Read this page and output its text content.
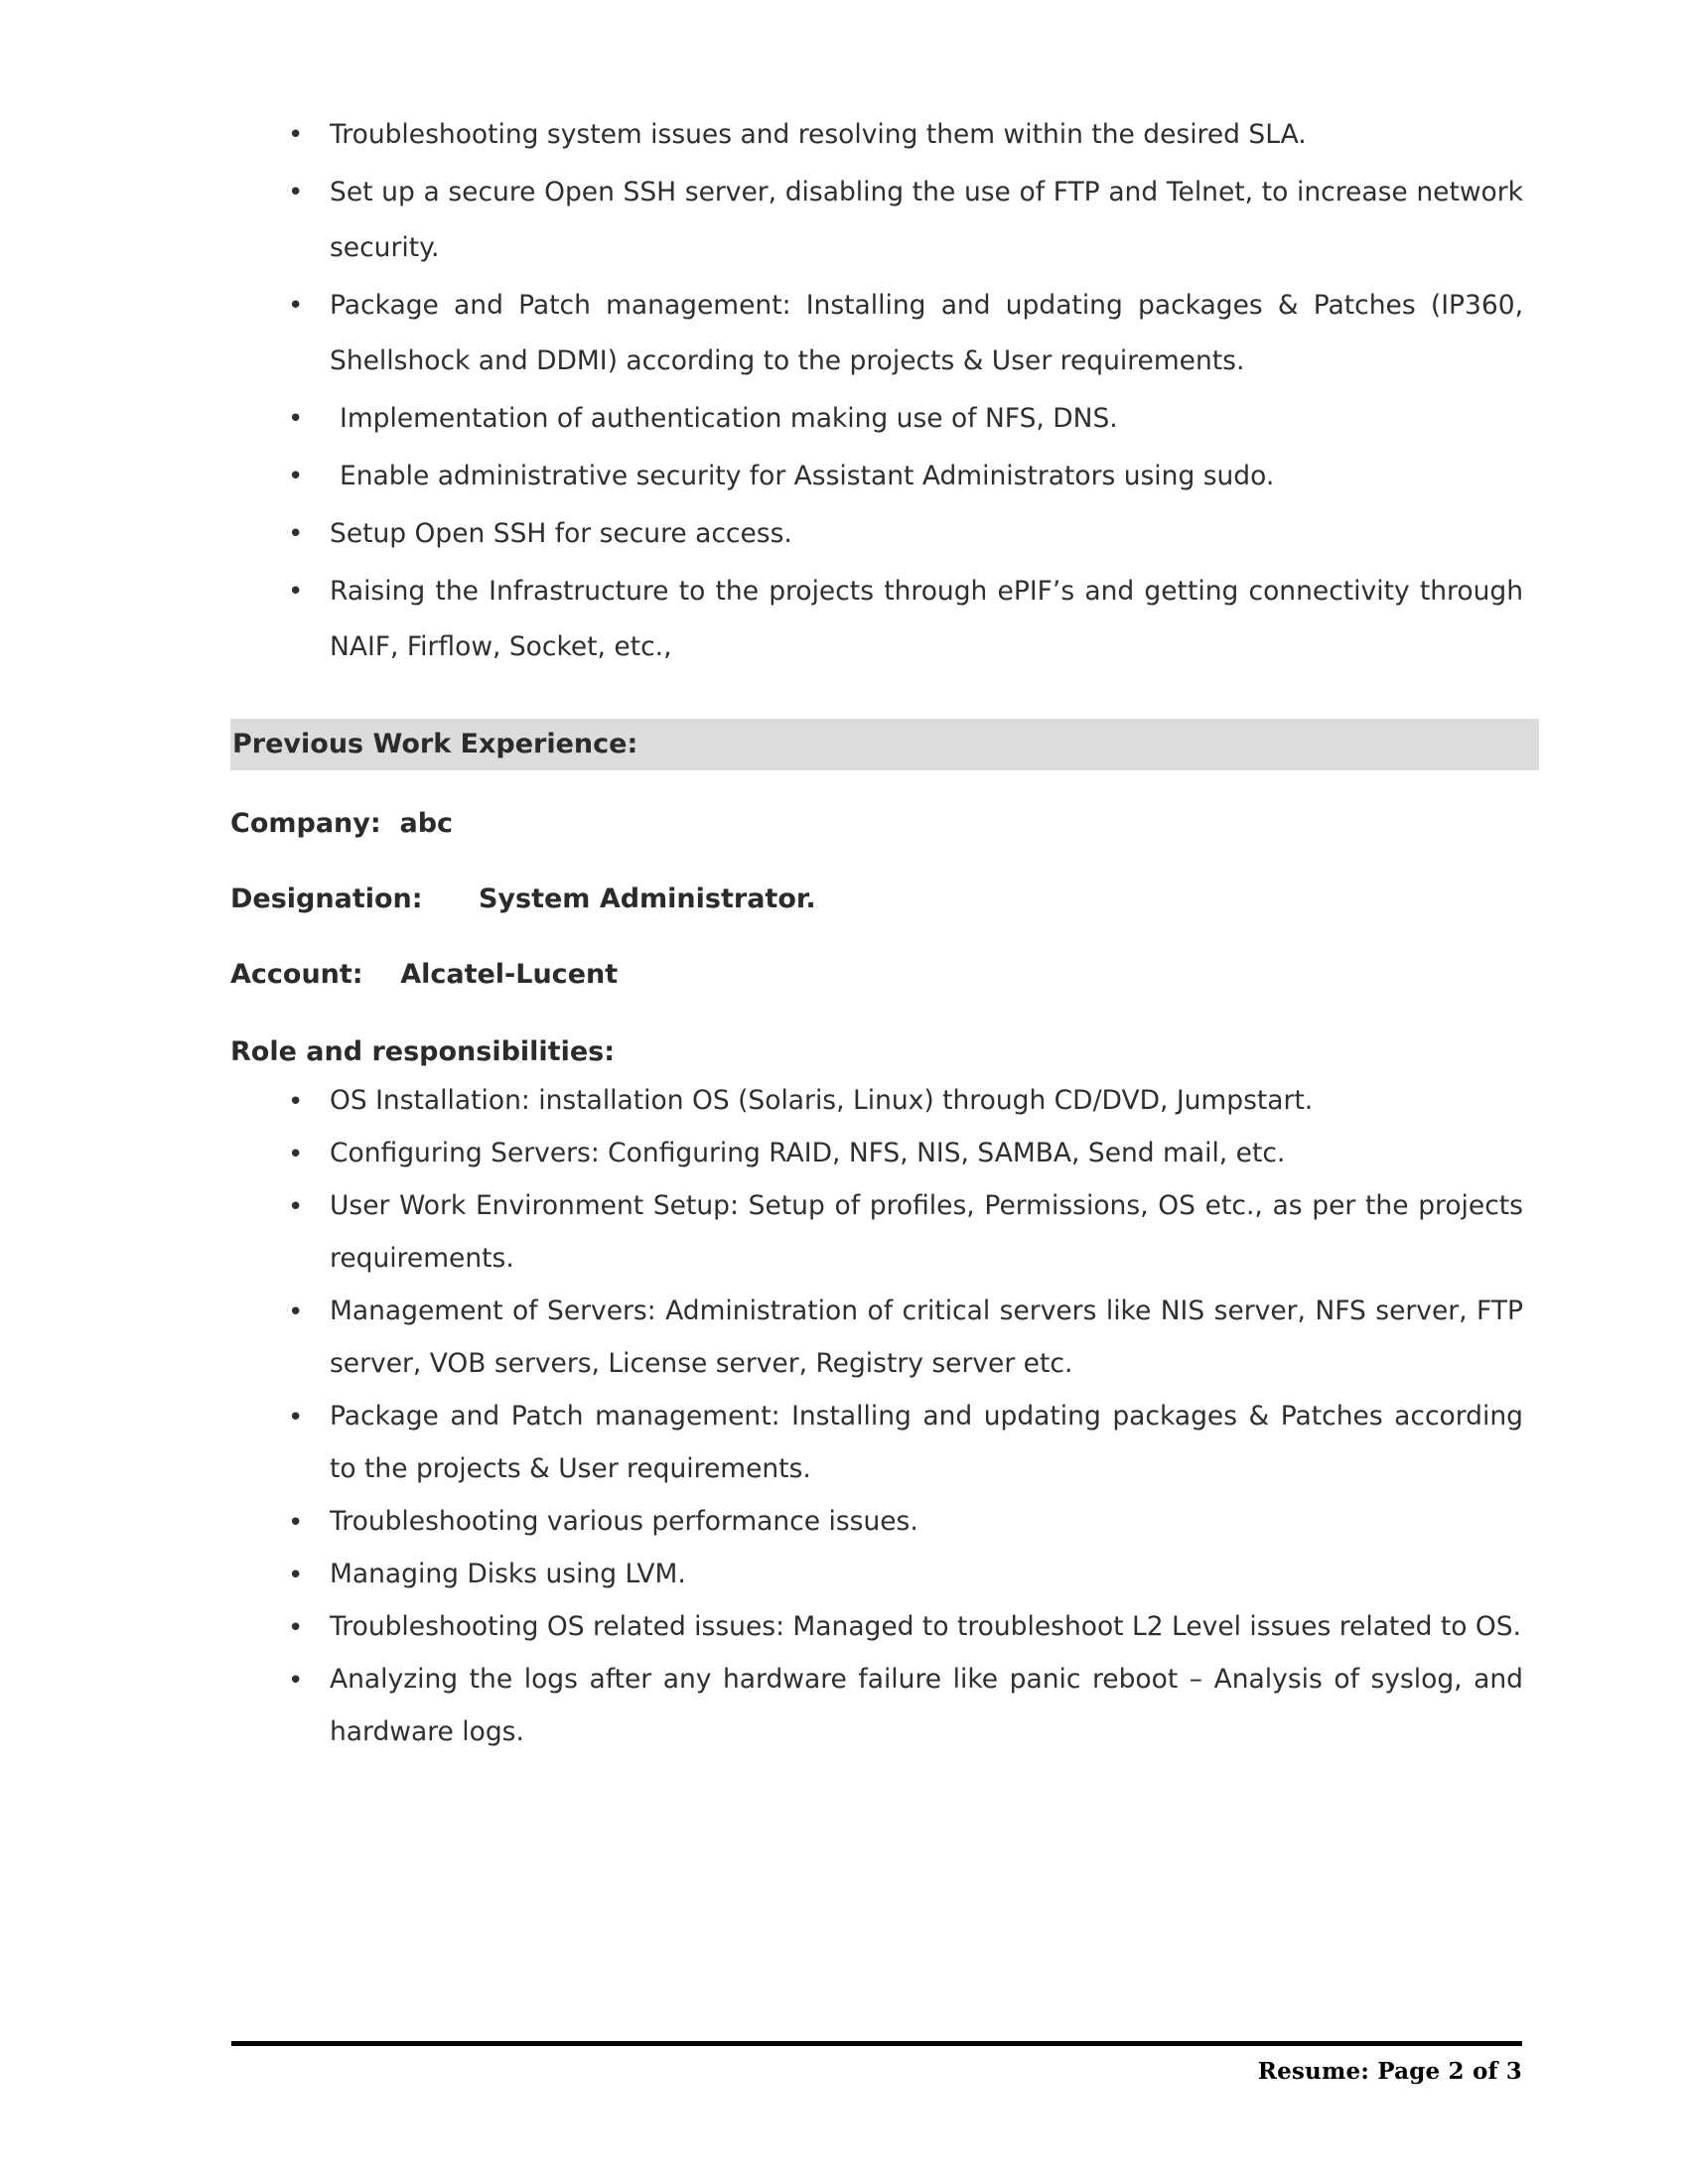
• Troubleshooting system issues and resolving them within the desired SLA.
• Set up a secure Open SSH server, disabling the use of FTP and Telnet, to increase network security.
• Package and Patch management: Installing and updating packages & Patches (IP360, Shellshock and DDMI) according to the projects & User requirements.
• Implementation of authentication making use of NFS, DNS.
• Enable administrative security for Assistant Administrators using sudo.
• Setup Open SSH for secure access.
• Raising the Infrastructure to the projects through ePIF’s and getting connectivity through NAIF, Firflow, Socket, etc.,
Previous Work Experience:
Company:  abc
Designation:      System Administrator.
Account:    Alcatel-Lucent
Role and responsibilities:
• OS Installation: installation OS (Solaris, Linux) through CD/DVD, Jumpstart.
• Configuring Servers: Configuring RAID, NFS, NIS, SAMBA, Send mail, etc.
• User Work Environment Setup: Setup of profiles, Permissions, OS etc., as per the projects requirements.
• Management of Servers: Administration of critical servers like NIS server, NFS server, FTP server, VOB servers, License server, Registry server etc.
• Package and Patch management: Installing and updating packages & Patches according to the projects & User requirements.
• Troubleshooting various performance issues.
• Managing Disks using LVM.
• Troubleshooting OS related issues: Managed to troubleshoot L2 Level issues related to OS.
• Analyzing the logs after any hardware failure like panic reboot – Analysis of syslog, and hardware logs.
Resume: Page 2 of 3
